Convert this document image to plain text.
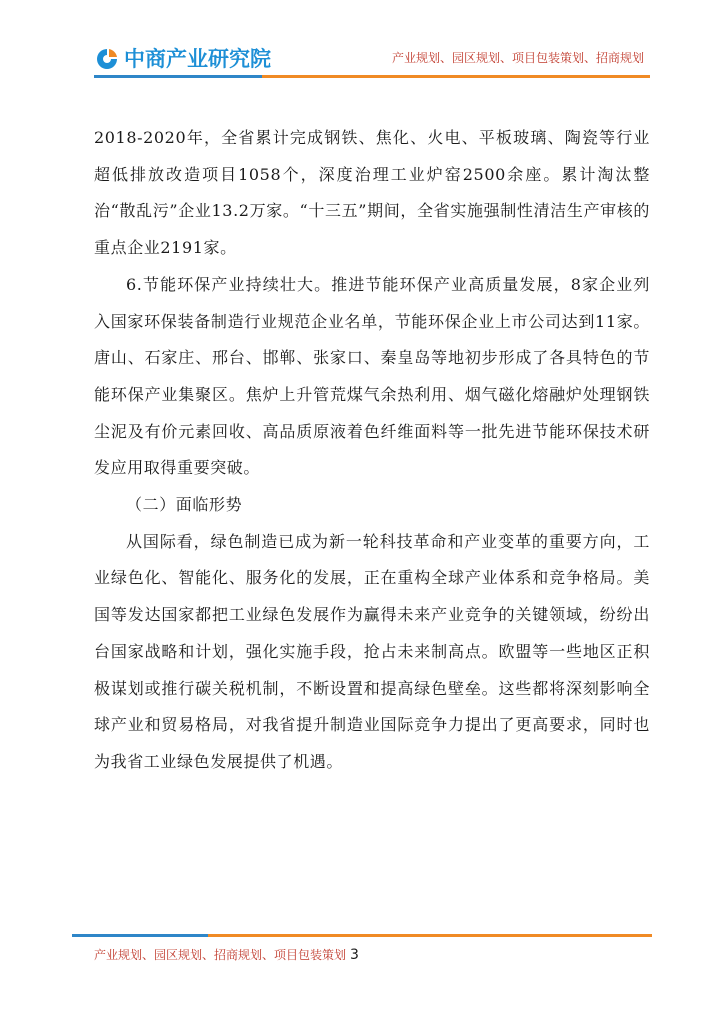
中商产业研究院	产业规划、园区规划、项目包装策划、招商规划

2018-2020年，全省累计完成钢铁、焦化、火电、平板玻璃、陶瓷等行业超低排放改造项目1058个，深度治理工业炉窑2500余座。累计淘汰整治“散乱污”企业13.2万家。“十三五”期间，全省实施强制性清洁生产审核的重点企业2191家。

6.节能环保产业持续壮大。推进节能环保产业高质量发展，8家企业列入国家环保装备制造行业规范企业名单，节能环保企业上市公司达到11家。唐山、石家庄、邢台、邯郸、张家口、秦皇岛等地初步形成了各具特色的节能环保产业集聚区。焦炉上升管荒煤气余热利用、烟气磁化熔融炉处理钢铁尘泥及有价元素回收、高品质原液着色纤维面料等一批先进节能环保技术研发应用取得重要突破。

（二）面临形势

从国际看，绿色制造已成为新一轮科技革命和产业变革的重要方向，工业绿色化、智能化、服务化的发展，正在重构全球产业体系和竞争格局。美国等发达国家都把工业绿色发展作为赢得未来产业竞争的关键领域，纷纷出台国家战略和计划，强化实施手段，抢占未来制高点。欧盟等一些地区正积极谋划或推行碳关税机制，不断设置和提高绿色壁垒。这些都将深刻影响全球产业和贸易格局，对我省提升制造业国际竞争力提出了更高要求，同时也为我省工业绿色发展提供了机遇。

产业规划、园区规划、招商规划、项目包装策划 3
